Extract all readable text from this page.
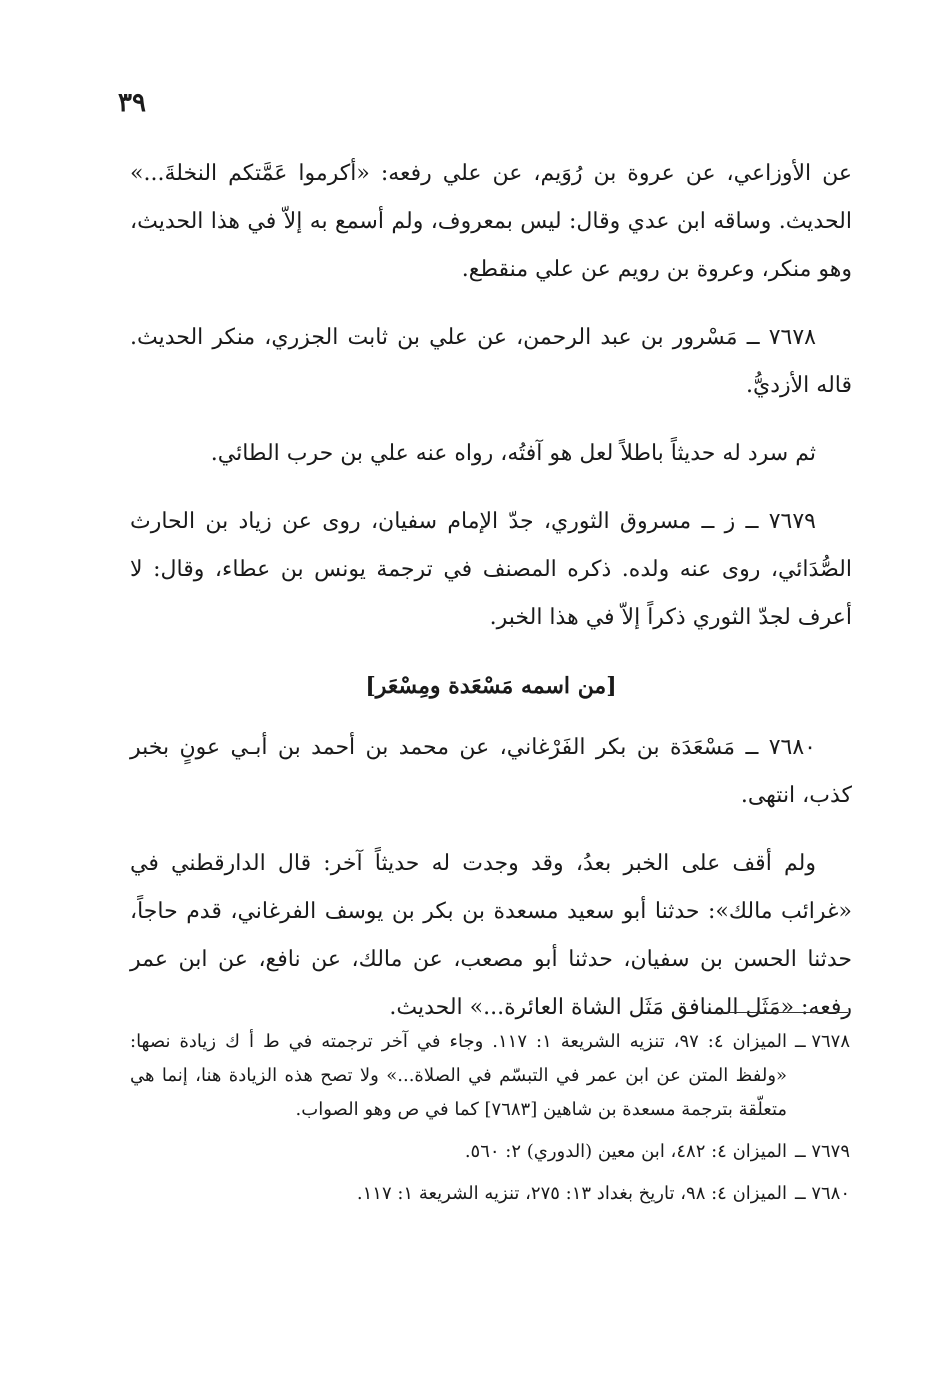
٣٩

عن الأوزاعي، عن عروة بن رُوَيم، عن علي رفعه: «أكرموا عَمَّتكم النخلةَ...» الحديث. وساقه ابن عدي وقال: ليس بمعروف، ولم أسمع به إلاّ في هذا الحديث، وهو منكر، وعروة بن رويم عن علي منقطع.

٧٦٧٨ ــ مَسْرور بن عبد الرحمن، عن علي بن ثابت الجزري، منكر الحديث. قاله الأزديُّ.

ثم سرد له حديثاً باطلاً لعل هو آفتُه، رواه عنه علي بن حرب الطائي.

٧٦٧٩ ــ ز ــ مسروق الثوري، جدّ الإمام سفيان، روى عن زياد بن الحارث الصُّدَائي، روى عنه ولده. ذكره المصنف في ترجمة يونس بن عطاء، وقال: لا أعرف لجدّ الثوري ذكراً إلاّ في هذا الخبر.

[من اسمه مَسْعَدة ومِسْعَر]

٧٦٨٠ ــ مَسْعَدَة بن بكر الفَرْغاني، عن محمد بن أحمد بن أبـي عونٍ بخبر كذب، انتهى.

ولم أقف على الخبر بعدُ، وقد وجدت له حديثاً آخر: قال الدارقطني في «غرائب مالك»: حدثنا أبو سعيد مسعدة بن بكر بن يوسف الفرغاني، قدم حاجاً، حدثنا الحسن بن سفيان، حدثنا أبو مصعب، عن مالك، عن نافع، عن ابن عمر رفعه: «مَثَل المنافق مَثَل الشاة العائرة...» الحديث.

٧٦٧٨ ــ
الميزان ٤: ٩٧، تنزيه الشريعة ١: ١١٧. وجاء في آخر ترجمته في ط أ ك زيادة نصها: «ولفظ المتن عن ابن عمر في التبسّم في الصلاة...» ولا تصح هذه الزيادة هنا، إنما هي متعلّقة بترجمة مسعدة بن شاهين [٧٦٨٣] كما في ص وهو الصواب.
٧٦٧٩ ــ
الميزان ٤: ٤٨٢، ابن معين (الدوري) ٢: ٥٦٠.
٧٦٨٠ ــ
الميزان ٤: ٩٨، تاريخ بغداد ١٣: ٢٧٥، تنزيه الشريعة ١: ١١٧.
